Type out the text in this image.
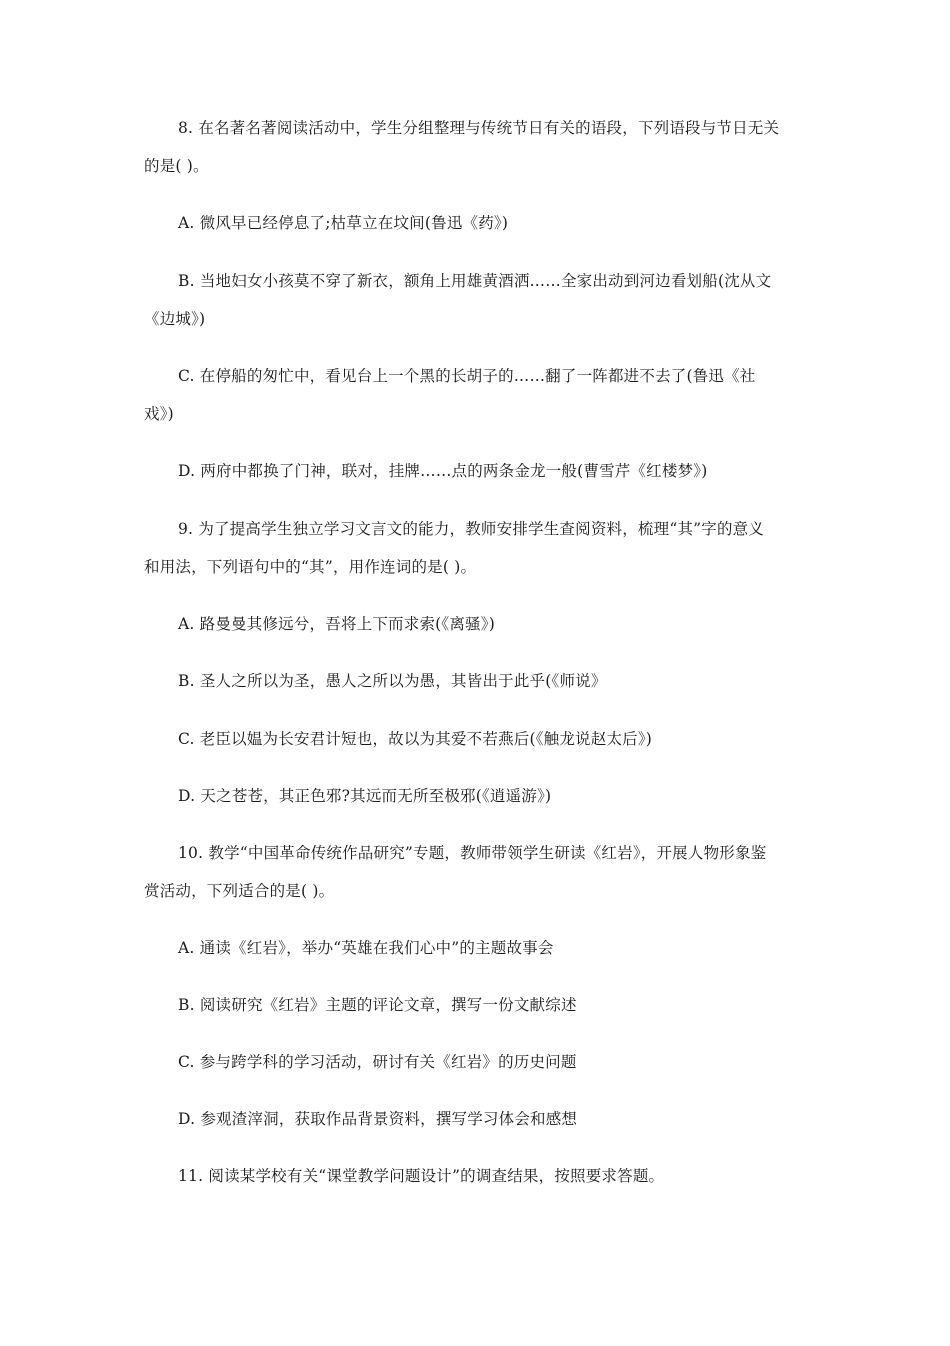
8. 在名著名著阅读活动中，学生分组整理与传统节日有关的语段，下列语段与节日无关
的是( )。
A. 微风早已经停息了;枯草立在坟间(鲁迅《药》)
B. 当地妇女小孩莫不穿了新衣，额角上用雄黄酒洒……全家出动到河边看划船(沈从文
《边城》)
C. 在停船的匆忙中，看见台上一个黑的长胡子的……翻了一阵都进不去了(鲁迅《社
戏》)
D. 两府中都换了门神，联对，挂牌……点的两条金龙一般(曹雪芹《红楼梦》)
9. 为了提高学生独立学习文言文的能力，教师安排学生查阅资料，梳理“其”字的意义
和用法，下列语句中的“其”，用作连词的是( )。
A. 路曼曼其修远兮，吾将上下而求索(《离骚》)
B. 圣人之所以为圣，愚人之所以为愚，其皆出于此乎(《师说》
C. 老臣以媪为长安君计短也，故以为其爱不若燕后(《触龙说赵太后》)
D. 天之苍苍，其正色邪?其远而无所至极邪(《逍遥游》)
10. 教学“中国革命传统作品研究”专题，教师带领学生研读《红岩》，开展人物形象鉴
赏活动，下列适合的是( )。
A. 通读《红岩》，举办“英雄在我们心中”的主题故事会
B. 阅读研究《红岩》主题的评论文章，撰写一份文献综述
C. 参与跨学科的学习活动，研讨有关《红岩》的历史问题
D. 参观渣滓洞，获取作品背景资料，撰写学习体会和感想
11. 阅读某学校有关“课堂教学问题设计”的调查结果，按照要求答题。
